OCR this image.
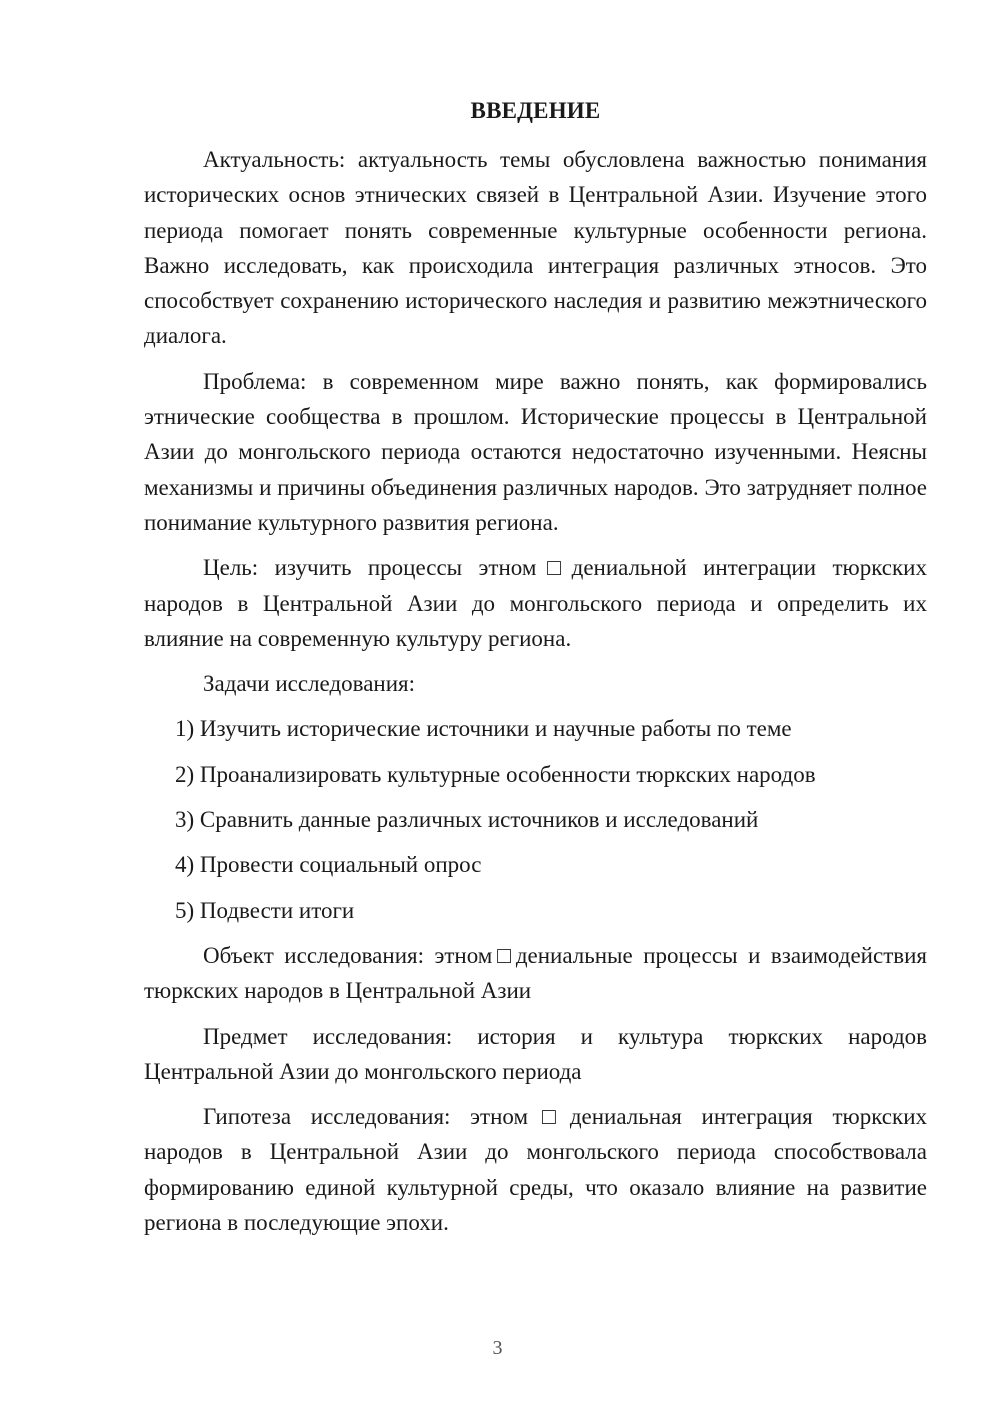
ВВЕДЕНИЕ

Актуальность: актуальность темы обусловлена важностью понимания исторических основ этнических связей в Центральной Азии. Изучение этого периода помогает понять современные культурные особенности региона. Важно исследовать, как происходила интеграция различных этносов. Это способствует сохранению исторического наследия и развитию межэтнического диалога.

Проблема: в современном мире важно понять, как формировались этнические сообщества в прошлом. Исторические процессы в Центральной Азии до монгольского периода остаются недостаточно изученными. Неясны механизмы и причины объединения различных народов. Это затрудняет полное понимание культурного развития региона.

Цель: изучить процессы этном□дениальной интеграции тюркских народов в Центральной Азии до монгольского периода и определить их влияние на современную культуру региона.

Задачи исследования:

1) Изучить исторические источники и научные работы по теме
2) Проанализировать культурные особенности тюркских народов
3) Сравнить данные различных источников и исследований
4) Провести социальный опрос
5) Подвести итоги

Объект исследования: этном□дениальные процессы и взаимодействия тюркских народов в Центральной Азии

Предмет исследования: история и культура тюркских народов Центральной Азии до монгольского периода

Гипотеза исследования: этном□дениальная интеграция тюркских народов в Центральной Азии до монгольского периода способствовала формированию единой культурной среды, что оказало влияние на развитие региона в последующие эпохи.

3
